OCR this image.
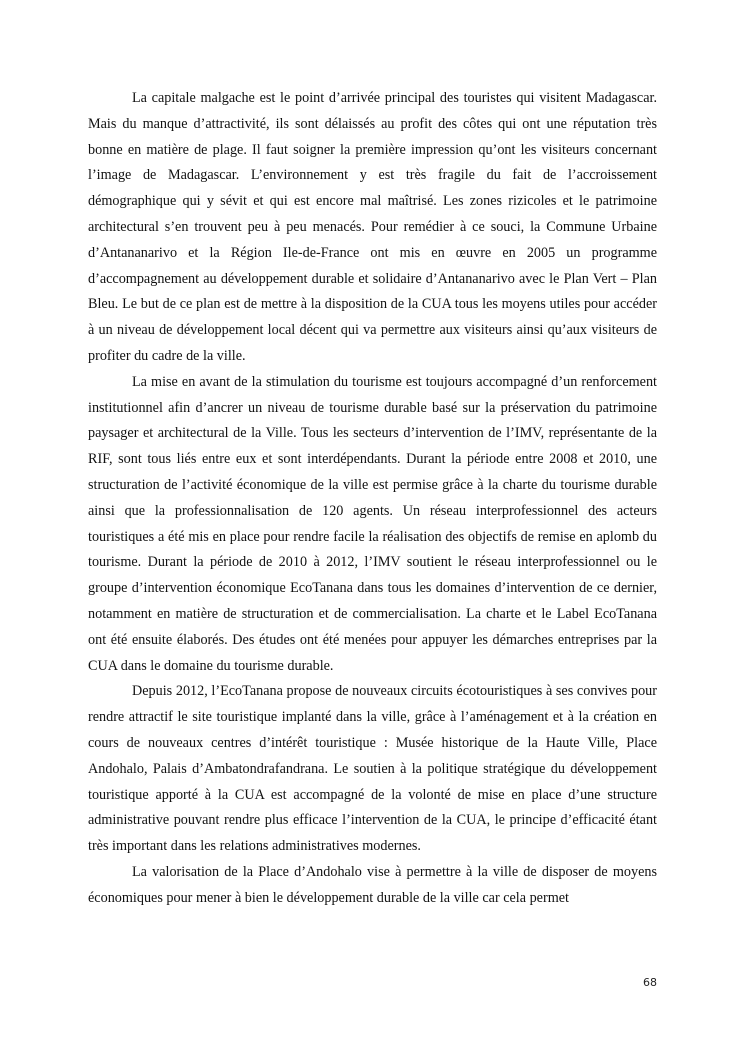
La capitale malgache est le point d’arrivée principal des touristes qui visitent Madagascar. Mais du manque d’attractivité, ils sont délaissés au profit des côtes qui ont une réputation très bonne en matière de plage. Il faut soigner la première impression qu’ont les visiteurs concernant l’image de Madagascar. L’environnement y est très fragile du fait de l’accroissement démographique qui y sévit et qui est encore mal maîtrisé. Les zones rizicoles et le patrimoine architectural s’en trouvent peu à peu menacés. Pour remédier à ce souci, la Commune Urbaine d’Antananarivo et la Région Ile-de-France ont mis en œuvre en 2005 un programme d’accompagnement au développement durable et solidaire d’Antananarivo avec le Plan Vert – Plan Bleu. Le but de ce plan est de mettre à la disposition de la CUA tous les moyens utiles pour accéder à un niveau de développement local décent qui va permettre aux visiteurs ainsi qu’aux visiteurs de profiter du cadre de la ville.

La mise en avant de la stimulation du tourisme est toujours accompagné d’un renforcement institutionnel afin d’ancrer un niveau de tourisme durable basé sur la préservation du patrimoine paysager et architectural de la Ville. Tous les secteurs d’intervention de l’IMV, représentante de la RIF, sont tous liés entre eux et sont interdépendants. Durant la période entre 2008 et 2010, une structuration de l’activité économique de la ville est permise grâce à la charte du tourisme durable ainsi que la professionnalisation de 120 agents. Un réseau interprofessionnel des acteurs touristiques a été mis en place pour rendre facile la réalisation des objectifs de remise en aplomb du tourisme. Durant la période de 2010 à 2012, l’IMV soutient le réseau interprofessionnel ou le groupe d’intervention économique EcoTanana dans tous les domaines d’intervention de ce dernier, notamment en matière de structuration et de commercialisation. La charte et le Label EcoTanana ont été ensuite élaborés. Des études ont été menées pour appuyer les démarches entreprises par la CUA dans le domaine du tourisme durable.

Depuis 2012, l’EcoTanana propose de nouveaux circuits écotouristiques à ses convives pour rendre attractif le site touristique implanté dans la ville, grâce à l’aménagement et à la création en cours de nouveaux centres d’intérêt touristique : Musée historique de la Haute Ville, Place Andohalo, Palais d’Ambatondrafandrana. Le soutien à la politique stratégique du développement touristique apporté à la CUA est accompagné de la volonté de mise en place d’une structure administrative pouvant rendre plus efficace l’intervention de la CUA, le principe d’efficacité étant très important dans les relations administratives modernes.

La valorisation de la Place d’Andohalo vise à permettre à la ville de disposer de moyens économiques pour mener à bien le développement durable de la ville car cela permet

68
